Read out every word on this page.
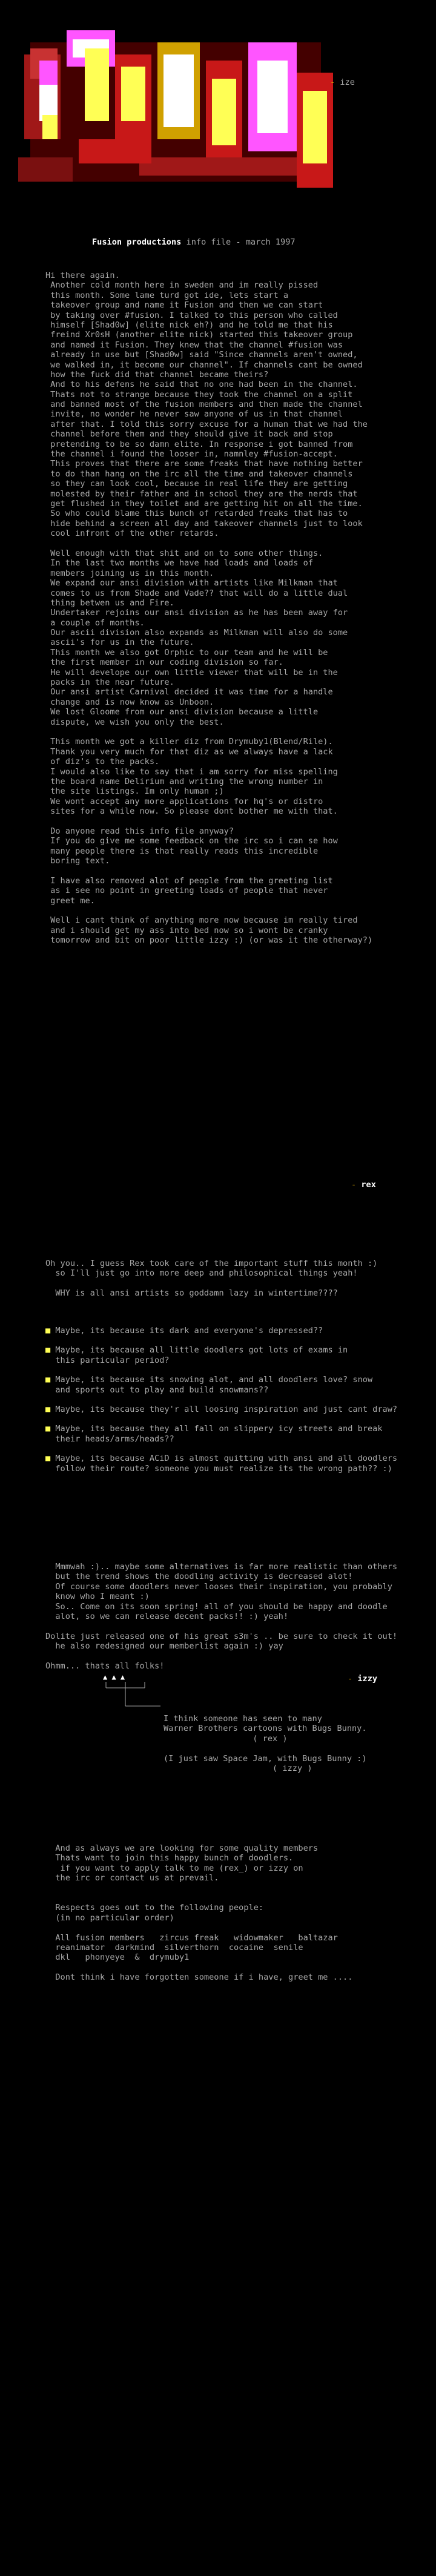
- ize
Fusion productions info file - march 1997
Hi there again.
Another cold month here in sweden and im really pissed
this month. Some lame turd got ide, lets start a
takeover group and name it Fusion and then we can start
by taking over #fusion. I talked to this person who called
himself [Shad0w] (elite nick eh?) and he told me that his
freind Xr0sH (another elite nick) started this takeover group
and named it Fusion. They knew that the channel #fusion was
already in use but [Shad0w] said "Since channels aren't owned,
we walked in, it become our channel". If channels cant be owned
how the fuck did that channel became theirs?
And to his defens he said that no one had been in the channel.
Thats not to strange because they took the channel on a split
and banned most of the fusion members and then made the channel
invite, no wonder he never saw anyone of us in that channel
after that. I told this sorry excuse for a human that we had the
channel before them and they should give it back and stop
pretending to be so damn elite. In response i got banned from
the channel i found the looser in, namnley #fusion-accept.
This proves that there are some freaks that have nothing better
to do than hang on the irc all the time and takeover channels
so they can look cool, because in real life they are getting
molested by their father and in school they are the nerds that
get flushed in they toilet and are getting hit on all the time.
So who could blame this bunch of retarded freaks that has to
hide behind a screen all day and takeover channels just to look
cool infront of the other retards.
Well enough with that shit and on to some other things.
In the last two months we have had loads and loads of
members joining us in this month.
We expand our ansi division with artists like Milkman that
comes to us from Shade and Vade?? that will do a little dual
thing betwen us and Fire.
Undertaker rejoins our ansi division as he has been away for
a couple of months.
Our ascii division also expands as Milkman will also do some
ascii's for us in the future.
This month we also got Orphic to our team and he will be
the first member in our coding division so far.
He will develope our own little viewer that will be in the
packs in the near future.
Our ansi artist Carnival decided it was time for a handle
change and is now know as Unboon.
We lost Gloome from our ansi division because a little
dispute, we wish you only the best.
This month we got a killer diz from Drymuby1(Blend/Rile).
Thank you very much for that diz as we always have a lack
of diz's to the packs.
I would also like to say that i am sorry for miss spelling
the board name Delirium and writing the wrong number in
the site listings. Im only human ;)
We wont accept any more applications for hq's or distro
sites for a while now. So please dont bother me with that.
Do anyone read this info file anyway?
If you do give me some feedback on the irc so i can se how
many people there is that really reads this incredible
boring text.
I have also removed alot of people from the greeting list
as i see no point in greeting loads of people that never
greet me.
Well i cant think of anything more now because im really tired
and i should get my ass into bed now so i wont be cranky
tomorrow and bit on poor little izzy :) (or was it the otherway?)
- rex
Oh you.. I guess Rex took care of the important stuff this month :)
so I'll just go into more deep and philosophical things yeah!
WHY is all ansi artists so goddamn lazy in wintertime????
■ Maybe, its because its dark and everyone's depressed??
■ Maybe, its because all little doodlers got lots of exams in
this particular period?
■ Maybe, its because its snowing alot, and all doodlers love? snow
and sports out to play and build snowmans??
■ Maybe, its because they'r all loosing inspiration and just cant draw?
■ Maybe, its because they all fall on slippery icy streets and break
their heads/arms/heads??
■ Maybe, its because ACiD is almost quitting with ansi and all doodlers
follow their route? someone you must realize its the wrong path?? :)
Mmmwah :).. maybe some alternatives is far more realistic than others
but the trend shows the doodling activity is decreased alot!
Of course some doodlers never looses their inspiration, you probably
know who I meant :)
So.. Come on its soon spring! all of you should be happy and doodle
alot, so we can release decent packs!! :) yeah!
Dolite just released one of his great s3m's .. be sure to check it out!
he also redesigned our memberlist again :) yay
Ohmm... thats all folks!
- izzy
▲ ▲ ▲
I think someone has seen to many
Warner Brothers cartoons with Bugs Bunny.
( rex )
(I just saw Space Jam, with Bugs Bunny :)
( izzy )
And as always we are looking for some quality members
Thats want to join this happy bunch of doodlers.
if you want to apply talk to me (rex_) or izzy on
the irc or contact us at prevail.
Respects goes out to the following people:
(in no particular order)
All fusion members   zircus freak   widowmaker   baltazar
reanimator  darkmind  silverthorn  cocaine  senile
dkl   phonyeye  &  drymuby1
Dont think i have forgotten someone if i have, greet me ....
